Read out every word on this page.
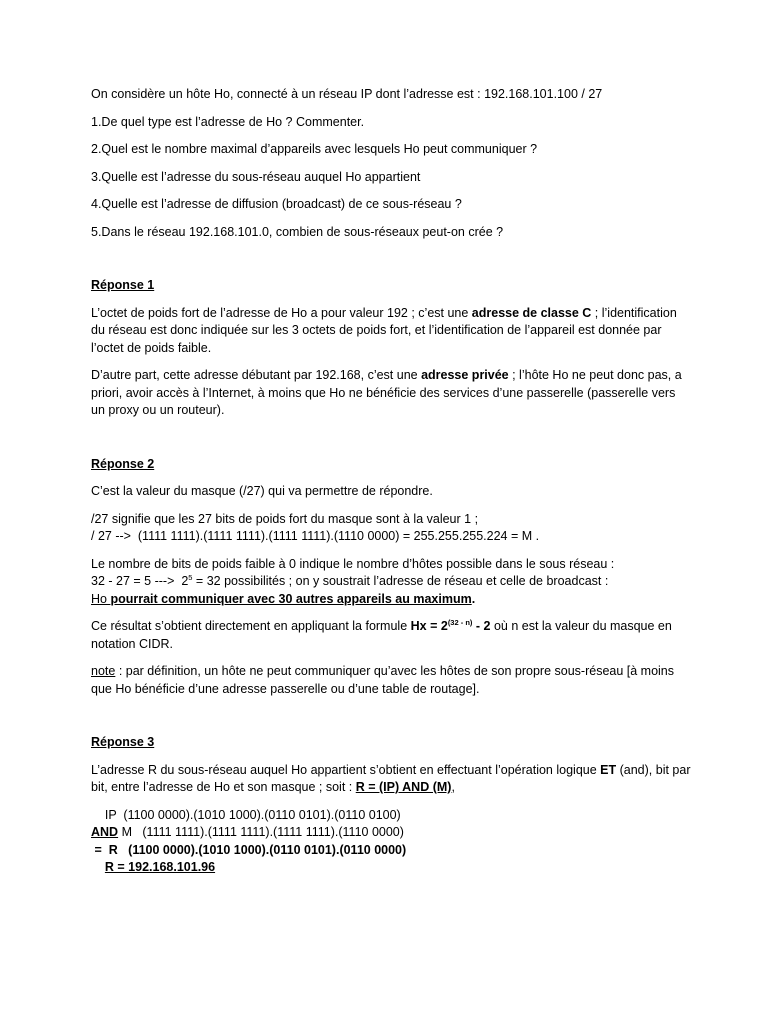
On considère un hôte Ho, connecté à un réseau IP dont l’adresse est : 192.168.101.100 / 27

1.De quel type est l’adresse de Ho ? Commenter.

2.Quel est le nombre maximal d’appareils avec lesquels Ho peut communiquer ?

3.Quelle est l’adresse du sous-réseau auquel Ho appartient

4.Quelle est l’adresse de diffusion (broadcast) de ce sous-réseau ?

5.Dans le réseau 192.168.101.0, combien de sous-réseaux peut-on crée ?

Réponse 1

L’octet de poids fort de l’adresse de Ho a pour valeur 192 ; c’est une adresse de classe C ; l’identification du réseau est donc indiquée sur les 3 octets de poids fort, et l’identification de l’appareil est donnée par l’octet de poids faible.

D’autre part, cette adresse débutant par 192.168, c’est une adresse privée ; l’hôte Ho ne peut donc pas, a priori, avoir accès à l’Internet, à moins que Ho ne bénéficie des services d’une passerelle (passerelle vers un proxy ou un routeur).

Réponse 2

C’est la valeur du masque (/27) qui va permettre de répondre.

/27 signifie que les 27 bits de poids fort du masque sont à la valeur 1 ;
/ 27 -->  (1111 1111).(1111 1111).(1111 1111).(1110 0000) = 255.255.255.224 = M .

Le nombre de bits de poids faible à 0 indique le nombre d’hôtes possible dans le sous réseau :
32 - 27 = 5 --->  $2^5 = 32$ possibilités ; on y soustrait l’adresse de réseau et celle de broadcast :
Ho pourrait communiquer avec 30 autres appareils au maximum.

Ce résultat s’obtient directement en appliquant la formule $Hx = 2^{(32 - n)} - 2$ où n est la valeur du masque en notation CIDR.

note : par définition, un hôte ne peut communiquer qu’avec les hôtes de son propre sous-réseau [à moins que Ho bénéficie d’une adresse passerelle ou d’une table de routage].

Réponse 3

L’adresse R du sous-réseau auquel Ho appartient s’obtient en effectuant l’opération logique ET (and), bit par bit, entre l’adresse de Ho et son masque ; soit : R = (IP) AND (M),

IP  (1100 0000).(1010 1000).(0110 0101).(0110 0100)
AND M   (1111 1111).(1111 1111).(1111 1111).(1110 0000)
=  R   (1100 0000).(1010 1000).(0110 0101).(0110 0000)
R = 192.168.101.96
